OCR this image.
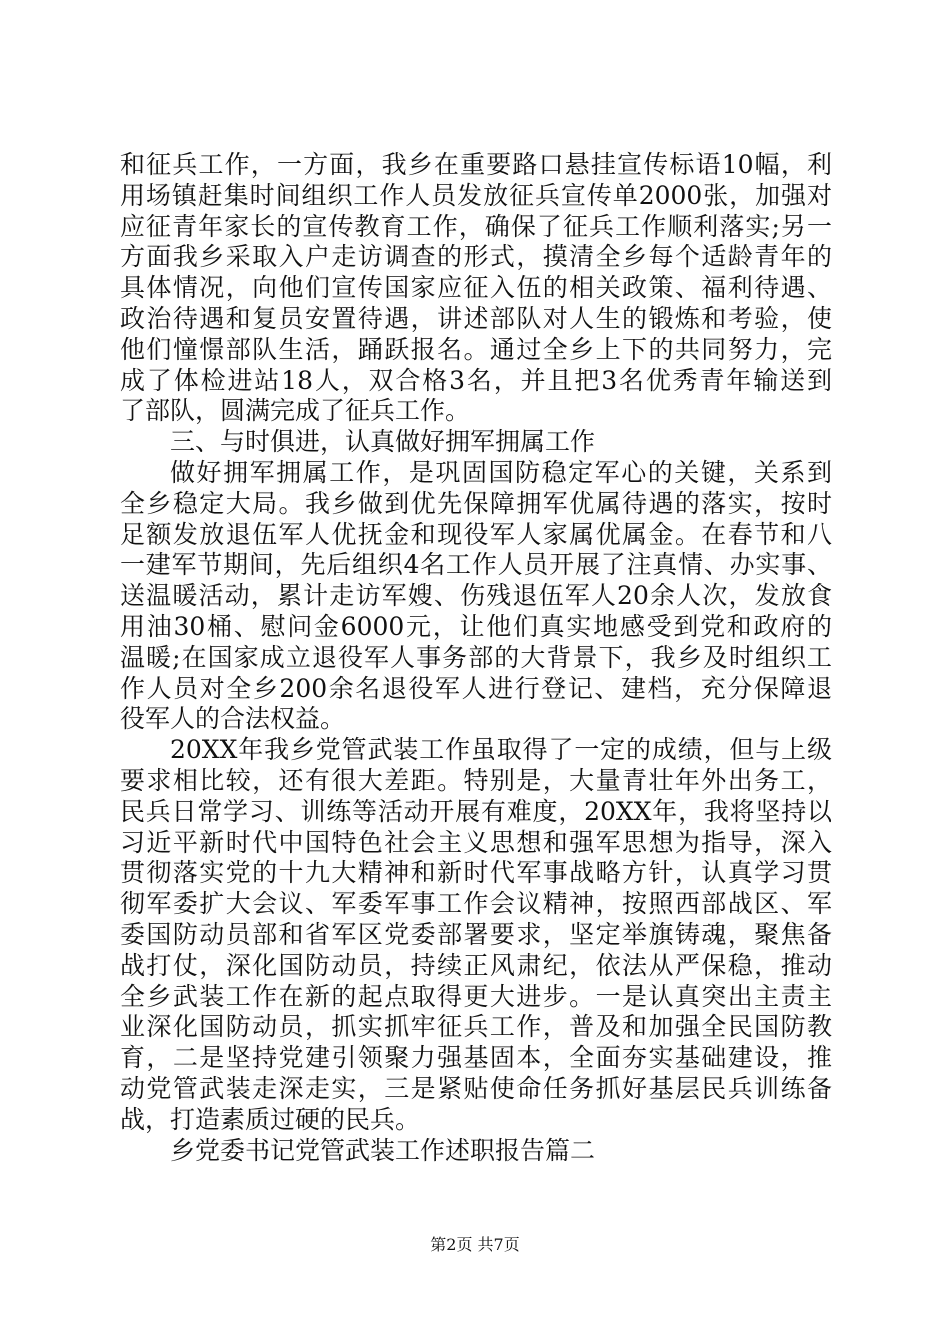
和征兵工作，一方面，我乡在重要路口悬挂宣传标语10幅，利
用场镇赶集时间组织工作人员发放征兵宣传单2000张，加强对
应征青年家长的宣传教育工作，确保了征兵工作顺利落实;另一
方面我乡采取入户走访调查的形式，摸清全乡每个适龄青年的
具体情况，向他们宣传国家应征入伍的相关政策、福利待遇、
政治待遇和复员安置待遇，讲述部队对人生的锻炼和考验，使
他们憧憬部队生活，踊跃报名。通过全乡上下的共同努力，完
成了体检进站18人，双合格3名，并且把3名优秀青年输送到
了部队，圆满完成了征兵工作。
三、与时俱进，认真做好拥军拥属工作
做好拥军拥属工作，是巩固国防稳定军心的关键，关系到
全乡稳定大局。我乡做到优先保障拥军优属待遇的落实，按时
足额发放退伍军人优抚金和现役军人家属优属金。在春节和八
一建军节期间，先后组织4名工作人员开展了注真情、办实事、
送温暖活动，累计走访军嫂、伤残退伍军人20余人次，发放食
用油30桶、慰问金6000元，让他们真实地感受到党和政府的
温暖;在国家成立退役军人事务部的大背景下，我乡及时组织工
作人员对全乡200余名退役军人进行登记、建档，充分保障退
役军人的合法权益。
20XX年我乡党管武装工作虽取得了一定的成绩，但与上级
要求相比较，还有很大差距。特别是，大量青壮年外出务工，
民兵日常学习、训练等活动开展有难度，20XX年，我将坚持以
习近平新时代中国特色社会主义思想和强军思想为指导，深入
贯彻落实党的十九大精神和新时代军事战略方针，认真学习贯
彻军委扩大会议、军委军事工作会议精神，按照西部战区、军
委国防动员部和省军区党委部署要求，坚定举旗铸魂，聚焦备
战打仗，深化国防动员，持续正风肃纪，依法从严保稳，推动
全乡武装工作在新的起点取得更大进步。一是认真突出主责主
业深化国防动员，抓实抓牢征兵工作，普及和加强全民国防教
育，二是坚持党建引领聚力强基固本，全面夯实基础建设，推
动党管武装走深走实，三是紧贴使命任务抓好基层民兵训练备
战，打造素质过硬的民兵。
乡党委书记党管武装工作述职报告篇二
第2页 共7页
